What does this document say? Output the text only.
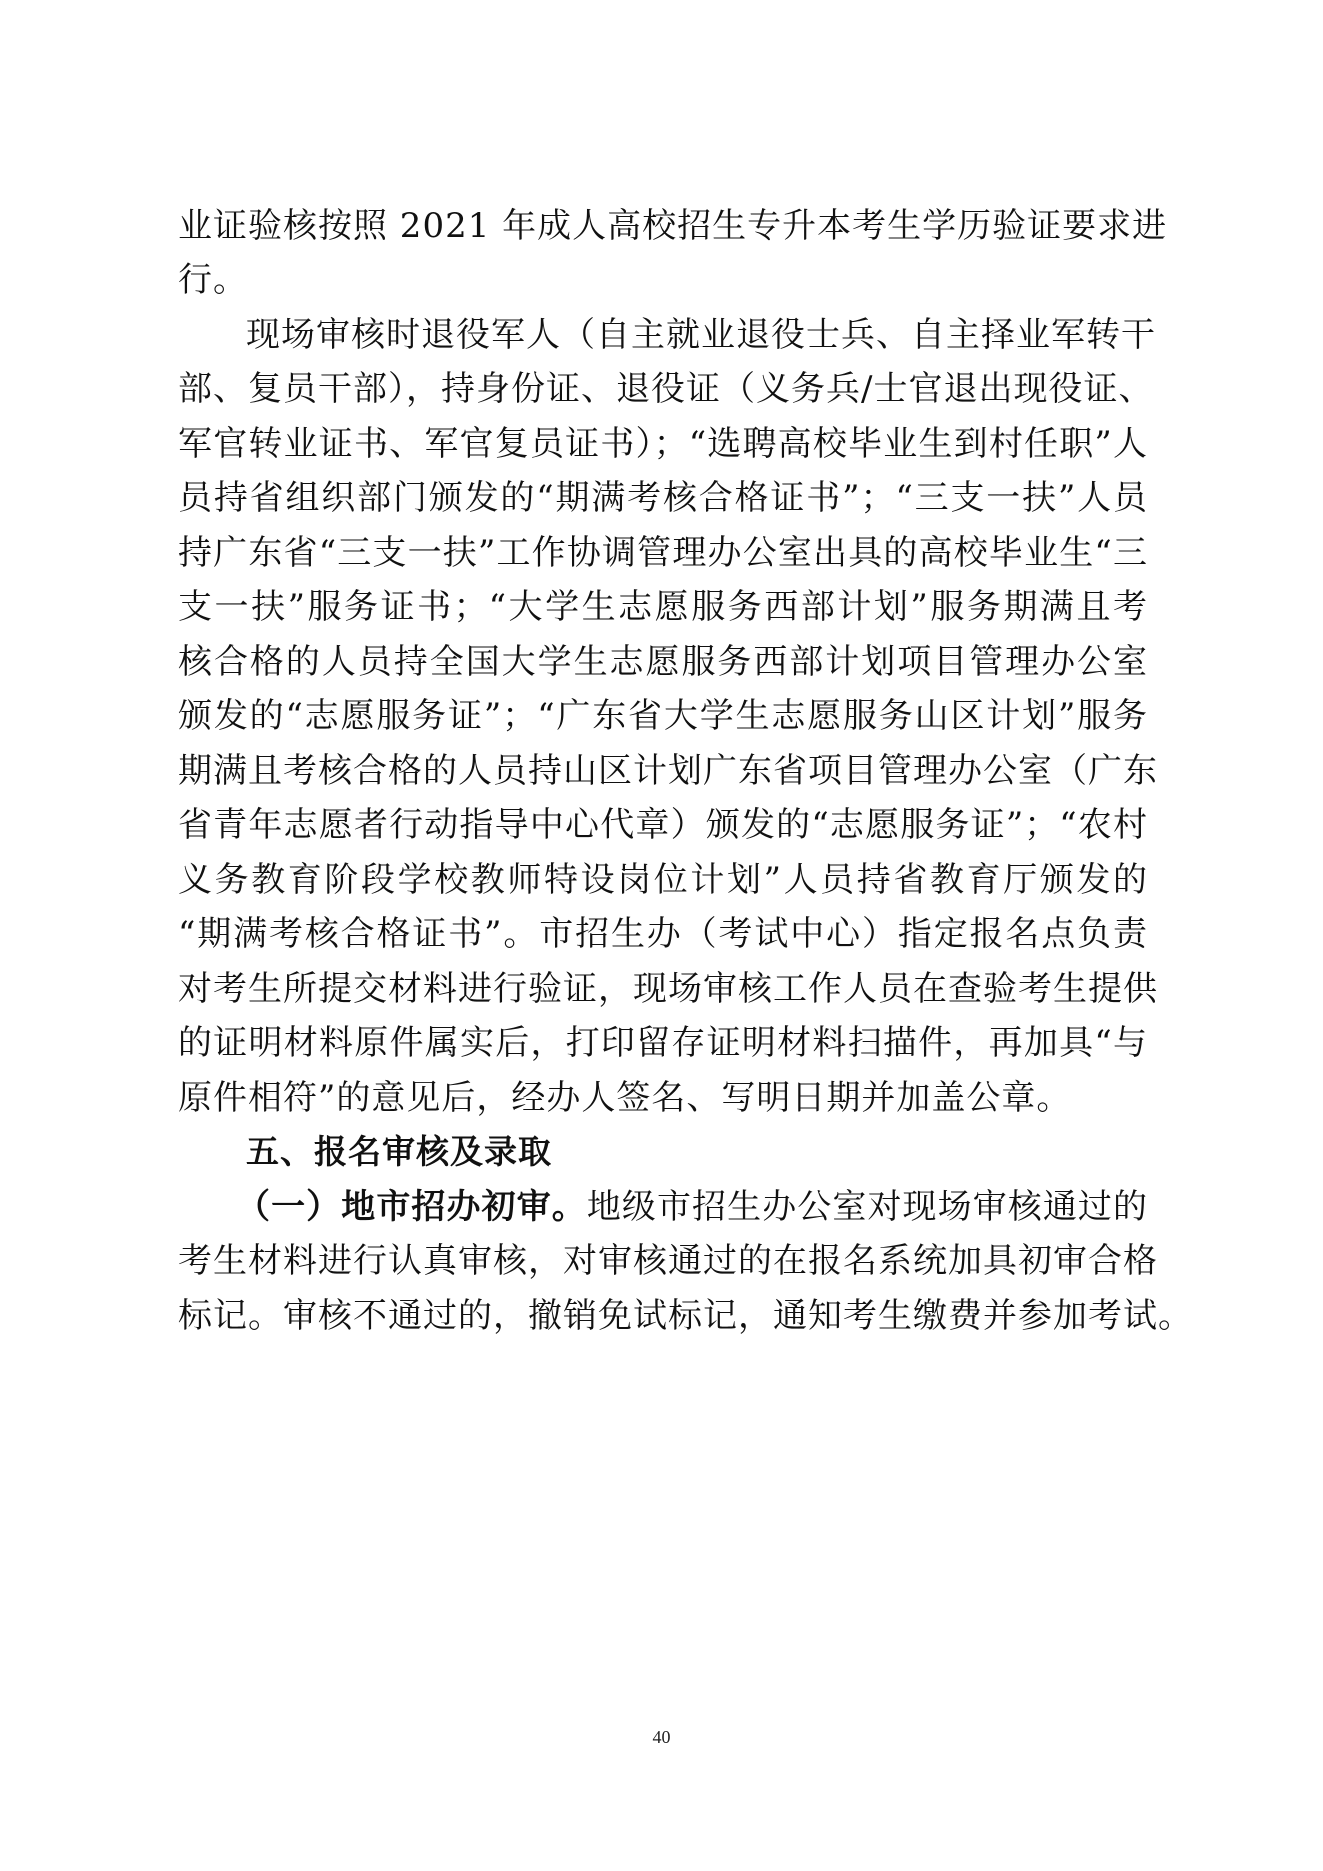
业证验核按照 2021 年成人高校招生专升本考生学历验证要求进
行。
现场审核时退役军人（自主就业退役士兵、自主择业军转干
部、复员干部），持身份证、退役证（义务兵/士官退出现役证、
军官转业证书、军官复员证书）；“选聘高校毕业生到村任职”人
员持省组织部门颁发的“期满考核合格证书”；“三支一扶”人员
持广东省“三支一扶”工作协调管理办公室出具的高校毕业生“三
支一扶”服务证书；“大学生志愿服务西部计划”服务期满且考
核合格的人员持全国大学生志愿服务西部计划项目管理办公室
颁发的“志愿服务证”；“广东省大学生志愿服务山区计划”服务
期满且考核合格的人员持山区计划广东省项目管理办公室（广东
省青年志愿者行动指导中心代章）颁发的“志愿服务证”；“农村
义务教育阶段学校教师特设岗位计划”人员持省教育厅颁发的
“期满考核合格证书”。市招生办（考试中心）指定报名点负责
对考生所提交材料进行验证，现场审核工作人员在查验考生提供
的证明材料原件属实后，打印留存证明材料扫描件，再加具“与
原件相符”的意见后，经办人签名、写明日期并加盖公章。
五、报名审核及录取
（一）地市招办初审。地级市招生办公室对现场审核通过的
考生材料进行认真审核，对审核通过的在报名系统加具初审合格
标记。审核不通过的，撤销免试标记，通知考生缴费并参加考试。
40
